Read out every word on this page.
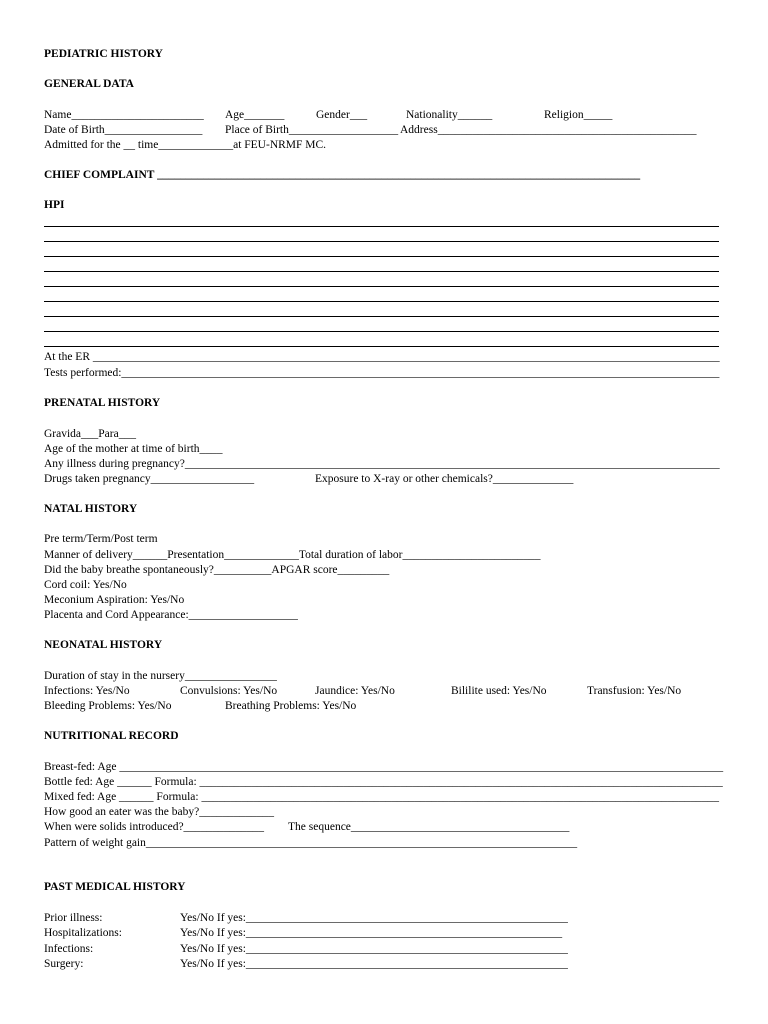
PEDIATRIC HISTORY
GENERAL DATA
Name_______________________ Age_______	Gender___	Nationality______	Religion_____
Date of Birth_________________ Place of Birth___________________ Address_____________________________________________
Admitted for the __ time_____________at FEU-NRMF MC.
CHIEF COMPLAINT ____________________________________________________________________________________
HPI
At the ER _____________________________________________________________________________________________________________
Tests performed:________________________________________________________________________________________________________
PRENATAL HISTORY
Gravida___Para___
Age of the mother at time of birth____
Any illness during pregnancy?_____________________________________________________________________________________________
Drugs taken pregnancy__________________	Exposure to X-ray or other chemicals?______________
NATAL HISTORY
Pre term/Term/Post term
Manner of delivery______Presentation_____________Total duration of labor________________________
Did the baby breathe spontaneously?__________APGAR score_________
Cord coil: Yes/No
Meconium Aspiration: Yes/No
Placenta and Cord Appearance:___________________
NEONATAL HISTORY
Duration of stay in the nursery________________
Infections: Yes/No	Convulsions: Yes/No	Jaundice: Yes/No	Bililite used: Yes/No	Transfusion: Yes/No
Bleeding Problems: Yes/No	Breathing Problems: Yes/No
NUTRITIONAL RECORD
Breast-fed: Age _________________________________________________________________________________________________________
Bottle fed: Age ______ Formula: ___________________________________________________________________________________________
Mixed fed: Age ______ Formula: __________________________________________________________________________________________
How good an eater was the baby?_____________
When were solids introduced?______________ The sequence______________________________________
Pattern of weight gain___________________________________________________________________________
PAST MEDICAL HISTORY
Prior illness:	Yes/No If yes:________________________________________________________
Hospitalizations:	Yes/No If yes:_______________________________________________________
Infections:	Yes/No If yes:________________________________________________________
Surgery:	Yes/No If yes:________________________________________________________
